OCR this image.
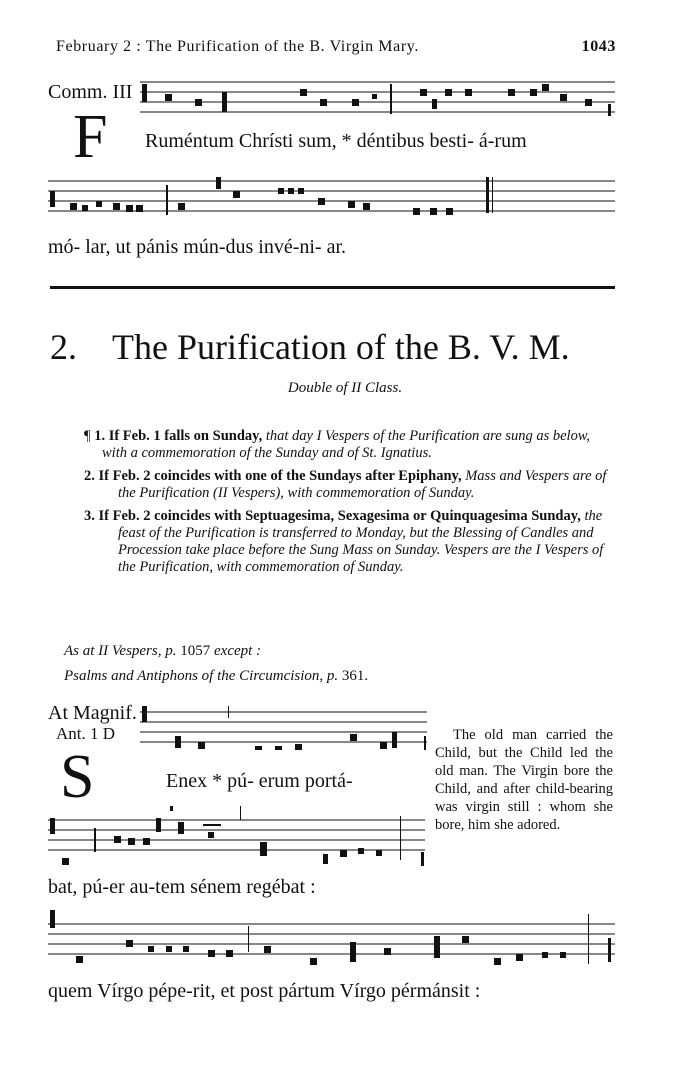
February 2 : The Purification of the B. Virgin Mary.	1043
Comm. III
F Ruméntum Chrísti sum, * déntibus besti- á-rum
mó- lar, ut pánis mún-dus invé-ni- ar.
2. The Purification of the B. V. M.
Double of II Class.
¶ 1. If Feb. 1 falls on Sunday, that day I Vespers of the Purification are sung as below, with a commemoration of the Sunday and of St. Ignatius.
2. If Feb. 2 coincides with one of the Sundays after Epiphany, Mass and Vespers are of the Purification (II Vespers), with commemoration of Sunday.
3. If Feb. 2 coincides with Septuagesima, Sexagesima or Quinquagesima Sunday, the feast of the Purification is transferred to Monday, but the Blessing of Candles and Procession take place before the Sung Mass on Sunday. Vespers are the I Vespers of the Purification, with commemoration of Sunday.
As at II Vespers, p. 1057 except :
Psalms and Antiphons of the Circumcision, p. 361.
At Magnif.
Ant. 1 D
S	Enex * pú- erum portá-
bat, pú-er au-tem sénem regébat :

The old man carried the Child, but the Child led the old man. The Virgin bore the Child, and after child-bearing was virgin still : whom she bore, him she adored.

quem Vírgo pépe-rit, et post pártum Vírgo pérmánsit :
